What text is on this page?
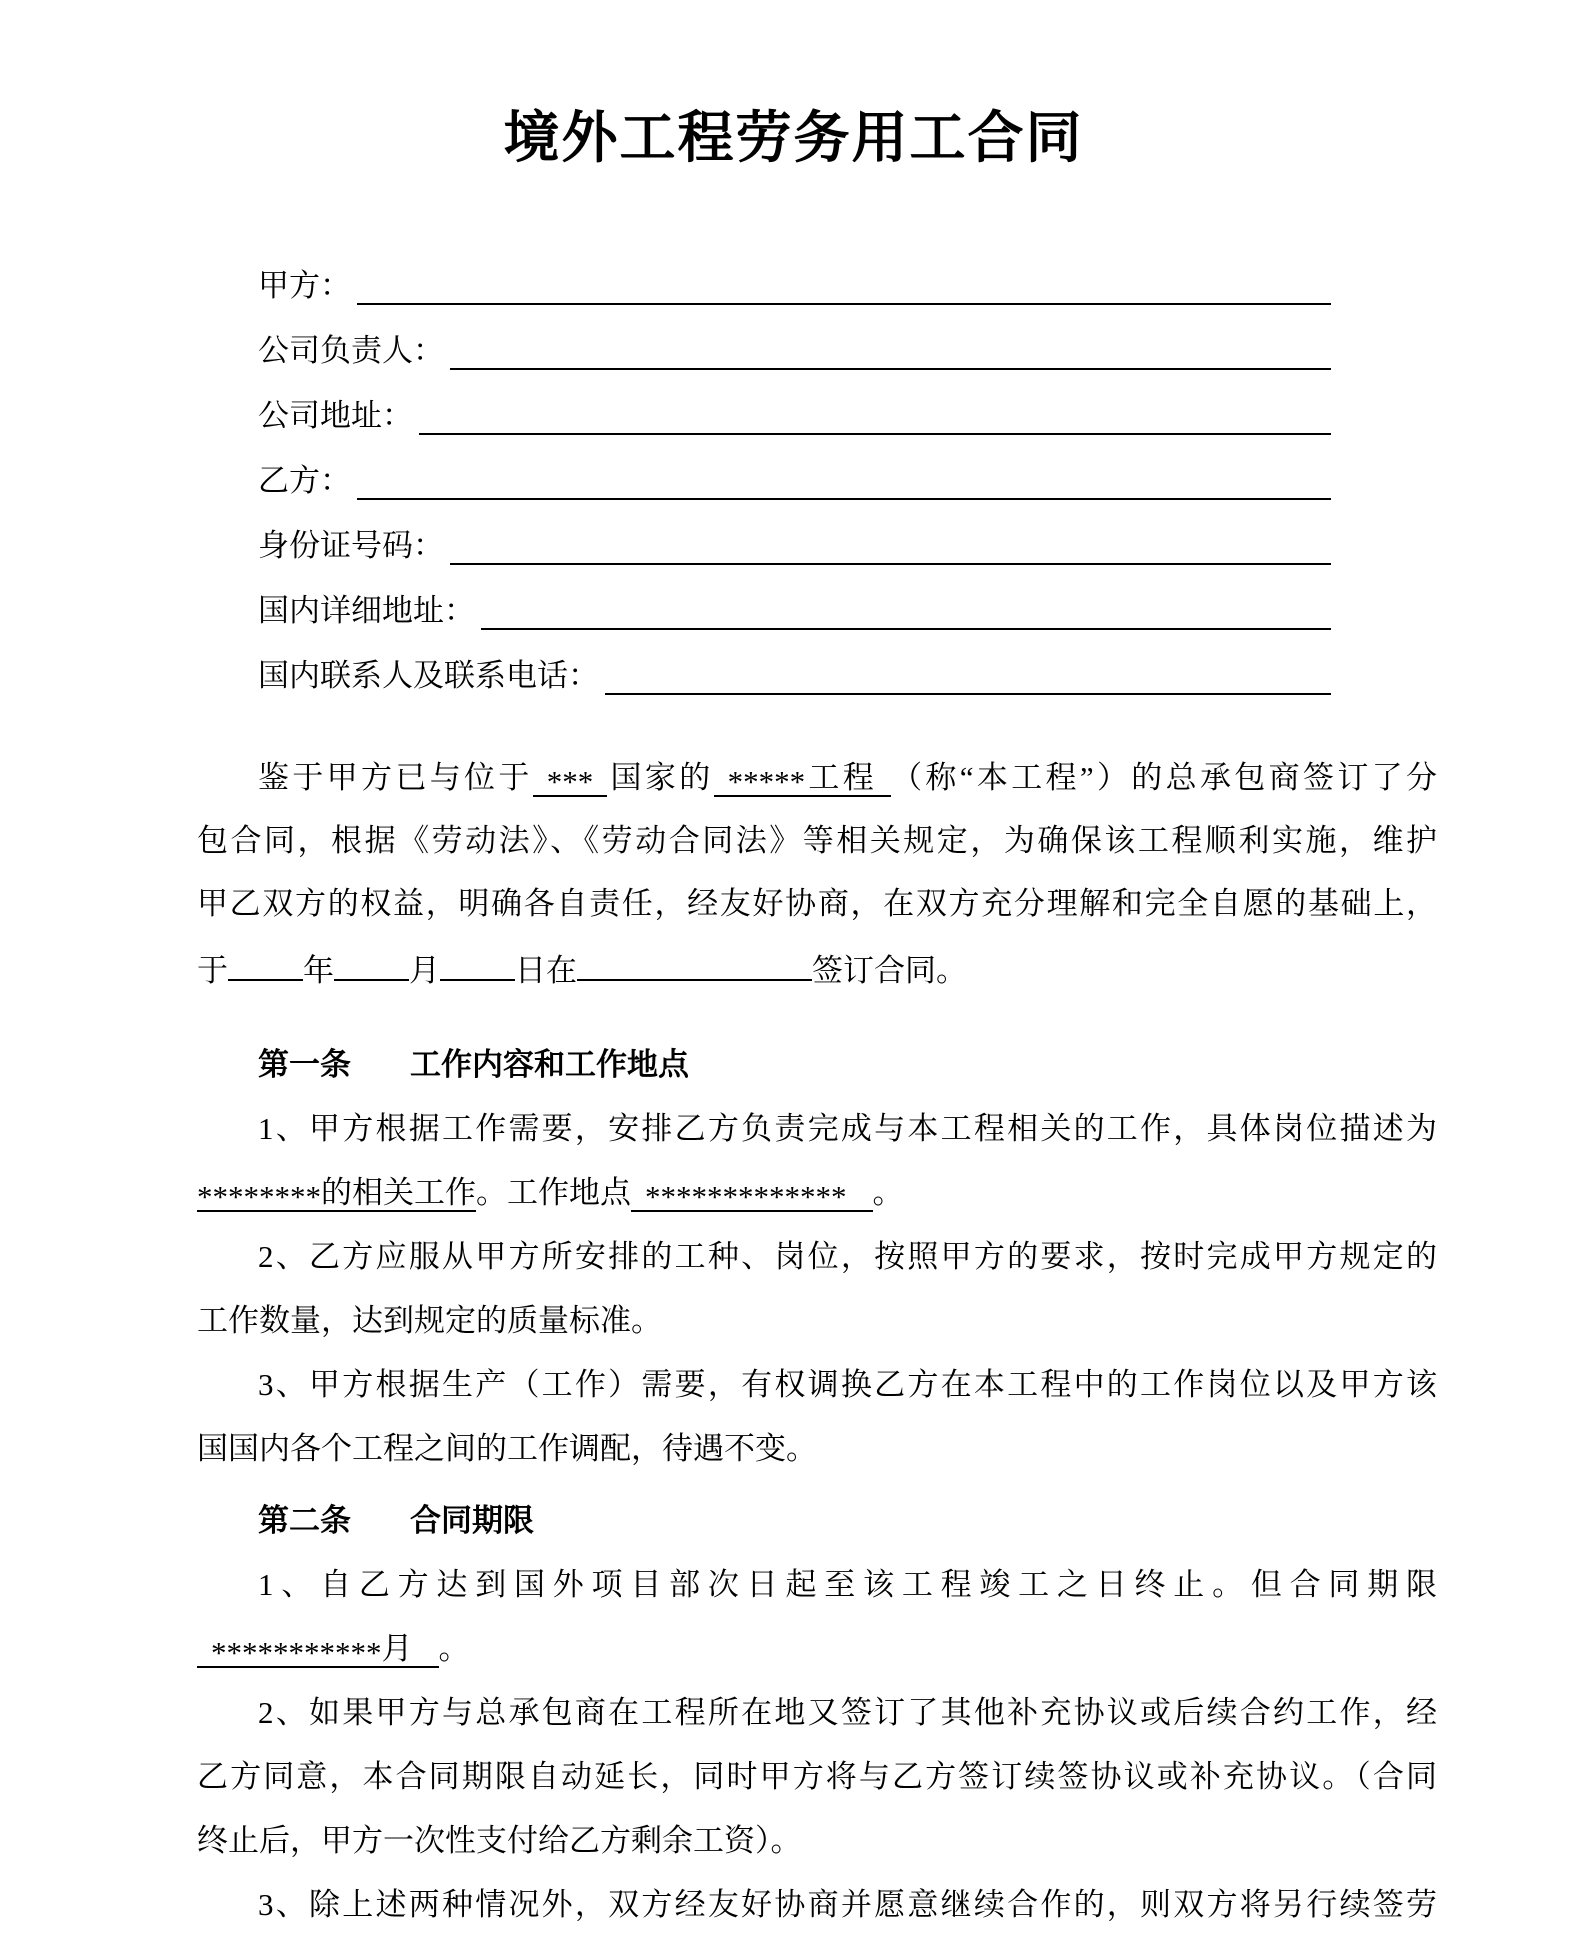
境外工程劳务用工合同
甲方：
公司负责人：
公司地址：
乙方：
身份证号码：
国内详细地址：
国内联系人及联系电话：
鉴于甲方已与位于 *** 国家的 *****工程 （称“本工程”）的总承包商签订了分
包合同，根据《劳动法》、《劳动合同法》等相关规定，为确保该工程顺利实施，维护
甲乙双方的权益，明确各自责任，经友好协商，在双方充分理解和完全自愿的基础上，
于 年 月 日在	签订合同。
第一条 工作内容和工作地点
1、甲方根据工作需要，安排乙方负责完成与本工程相关的工作，具体岗位描述为
********的相关工作。工作地点 ************* 。
2、乙方应服从甲方所安排的工种、岗位，按照甲方的要求，按时完成甲方规定的
工作数量，达到规定的质量标准。
3、甲方根据生产（工作）需要，有权调换乙方在本工程中的工作岗位以及甲方该
国国内各个工程之间的工作调配，待遇不变。
第二条 合同期限
1、自乙方达到国外项目部次日起至该工程竣工之日终止。但合同期限
***********月 。
2、如果甲方与总承包商在工程所在地又签订了其他补充协议或后续合约工作，经
乙方同意，本合同期限自动延长，同时甲方将与乙方签订续签协议或补充协议。（合同
终止后，甲方一次性支付给乙方剩余工资）。
3、除上述两种情况外，双方经友好协商并愿意继续合作的，则双方将另行续签劳
